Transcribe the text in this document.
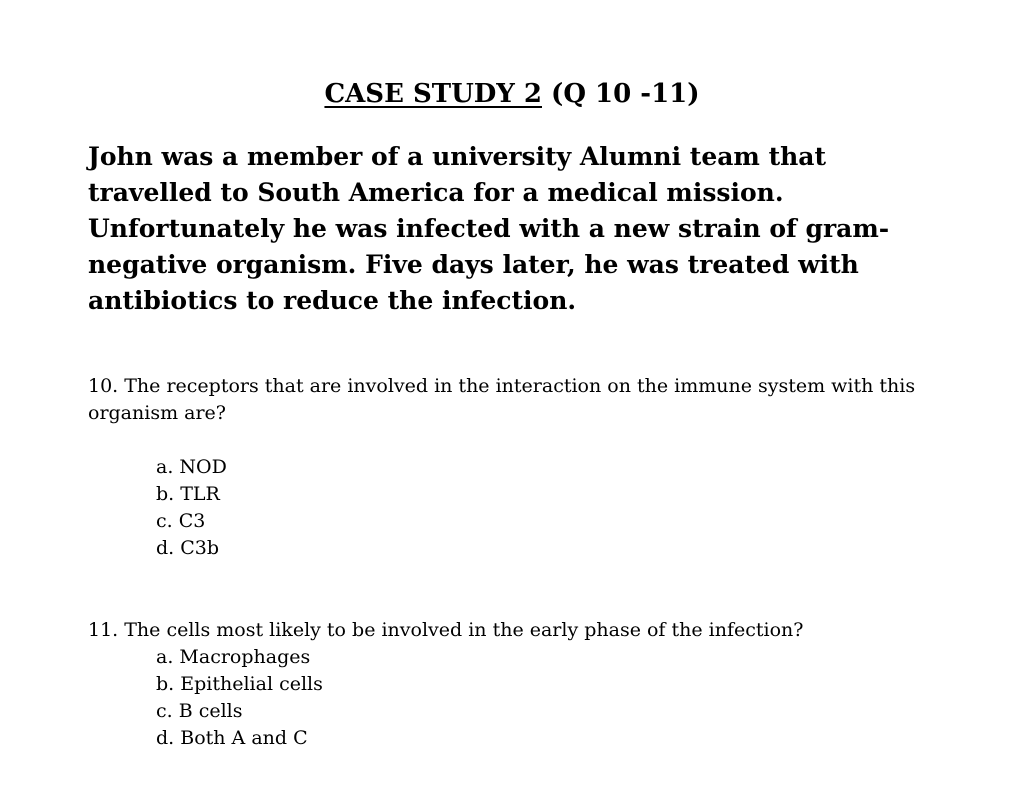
CASE STUDY 2 (Q 10 -11)

John was a member of a university Alumni team that travelled to South America for a medical mission. Unfortunately he was infected with a new strain of gram-negative organism. Five days later, he was treated with antibiotics to reduce the infection.

10. The receptors that are involved in the interaction on the immune system with this organism are?

a. NOD
b. TLR
c. C3
d. C3b

11. The cells most likely to be involved in the early phase of the infection?

a. Macrophages
b. Epithelial cells
c. B cells
d. Both A and C
